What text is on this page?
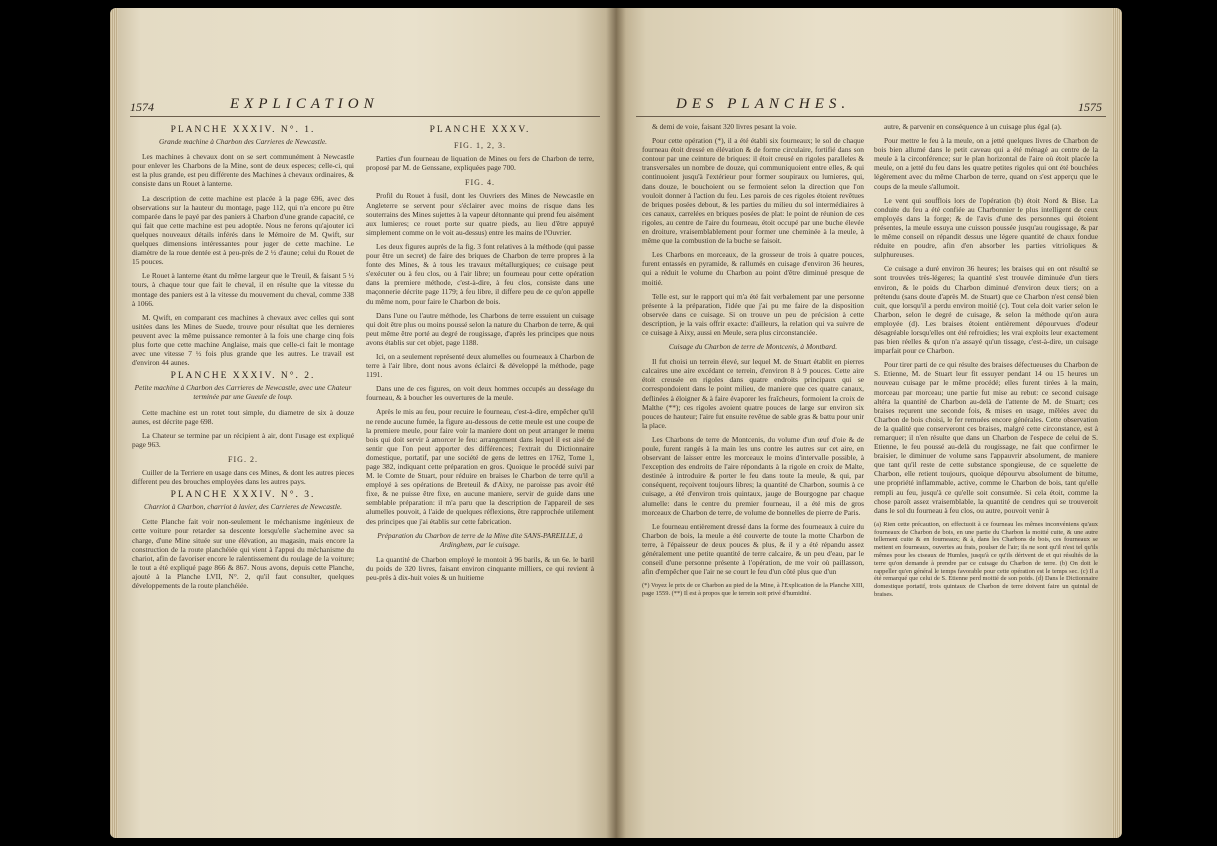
1574	EXPLICATION
PLANCHE XXXIV. N°. 1.
Grande machine à Charbon des Carrieres de Newcastle.

Les machines à chevaux dont on se sert communément à Newcastle pour enlever les Charbons de la Mine, sont de deux especes; celle-ci, qui est la plus grande, est peu différente des Machines à chevaux ordinaires, & consiste dans un Rouet à lanterne.

La description de cette machine est placée à la page 696, avec des observations sur la hauteur du montage, page 112, qui n'a encore pu être comparée dans le payé par des paniers à Charbon d'une grande capacité, ce qui fait que cette machine est peu adoptée. Nous ne ferons qu'ajouter ici quelques nouveaux détails inférés dans le Mémoire de M. Qwift, sur quelques dimensions intéressantes pour juger de cette machine. Le diamètre de la roue dentée est à peu-près de 2 ½ d'aune; celui du Rouet de 15 pouces.

Le Rouet à lanterne étant du même largeur que le Treuil, & faisant 5 ½ tours, à chaque tour que fait le cheval, il en résulte que la vitesse du montage des paniers est à la vitesse du mouvement du cheval, comme 338 à 1066.

M. Qwift, en comparant ces machines à chevaux avec celles qui sont usitées dans les Mines de Suede, trouve pour résultat que les dernieres peuvent avec la même puissance remonter à la fois une charge cinq fois plus forte que cette machine Anglaise, mais que celle-ci fait le montage avec une vitesse 7 ½ fois plus grande que les autres. Le travail est d'environ 44 aunes.

PLANCHE XXXIV. N°. 2.
Petite machine à Charbon des Carrieres de Newcastle, avec une Chateur terminée par une Gueule de loup.

Cette machine est un rotet tout simple, du diametre de six à douze aunes, est décrite page 698.

La Chateur se termine par un récipient à air, dont l'usage est expliqué page 963.

FIG. 2.

Cuiller de la Terriere en usage dans ces Mines, & dont les autres pieces different peu des brouches employées dans les autres pays.

PLANCHE XXXIV. N°. 3.
Charriot à Charbon, charriot à lavier, des Carrieres de Newcastle.

Cette Planche fait voir non-seulement le méchanisme ingénieux de cette voiture pour retarder sa descente lorsqu'elle s'achemine avec sa charge, d'une Mine située sur une élévation, au magasin, mais encore la construction de la route planchéiée qui vient à l'appui du méchanisme du chariot, afin de favoriser encore le ralentissement du roulage de la voiture; le tout a été expliqué page 866 & 867. Nous avons, depuis cette Planche, ajouté à la Planche LVII, N°. 2, qu'il faut consulter, quelques développements de la route planchéiée.

PLANCHE XXXV.
FIG. 1, 2, 3.

Parties d'un fourneau de liquation de Mines ou fers de Charbon de terre, proposé par M. de Genssane, expliquées page 700.

FIG. 4.

Profil du Rouet à fusil, dont les Ouvriers des Mines de Newcastle en Angleterre se servent pour s'éclairer avec moins de risque dans les souterrains des Mines sujettes à la vapeur détonnante qui prend feu aisément aux lumieres; ce rouet porte sur quatre pieds, au lieu d'être appuyé simplement comme on le voit au-dessus) entre les mains de l'Ouvrier.

Les deux figures auprès de la fig. 3 font relatives à la méthode (qui passe pour être un secret) de faire des briques de Charbon de terre propres à la fonte des Mines, & à tous les travaux métallurgiques; ce cuisage peut s'exécuter ou à feu clos, ou à l'air libre; un fourneau pour cette opération dans la premiere méthode, c'est-à-dire, à feu clos, consiste dans une maçonnerie décrite page 1179; à feu libre, il differe peu de ce qu'on appelle du même nom, pour faire le Charbon de bois.

Dans l'une ou l'autre méthode, les Charbons de terre essuient un cuisage qui doit être plus ou moins poussé selon la nature du Charbon de terre, & qui peut même être porté au degré de rougissage, d'après les principes que nous avons établis sur cet objet, page 1188.

Ici, on a seulement représenté deux alumelles ou fourneaux à Charbon de terre à l'air libre, dont nous avons éclairci & développé la méthode, page 1191.

Dans une de ces figures, on voit deux hommes occupés au desséage du fourneau, & à boucher les ouvertures de la meule.

Après le mis au feu, pour recuire le fourneau, c'est-à-dire, empêcher qu'il ne rende aucune fumée, la figure au-dessous de cette meule est une coupe de la premiere meule, pour faire voir la maniere dont on peut arranger le menu bois qui doit servir à amorcer le feu: arrangement dans lequel il est aisé de sentir que l'on peut apporter des différences; l'extrait du Dictionnaire domestique, portatif, par une société de gens de lettres en 1762, Tome 1, page 382, indiquant cette préparation en gros. Quoique le procédé suivi par M. le Comte de Stuart, pour réduire en braises le Charbon de terre qu'il a employé à ses opérations de Breteuil & d'Aixy, ne paroisse pas avoir été fixe, & ne puisse être fixe, en aucune maniere, servir de guide dans une semblable préparation: il m'a paru que la description de l'appareil de ses alumelles pouvoit, à l'aide de quelques réflexions, être rapprochée utilement des principes que j'ai établis sur cette fabrication.

Préparation du Charbon de terre de la Mine dite SANS-PAREILLE, à Ardinghem, par le cuisage.

La quantité de Charbon employé le montoit à 96 barils, & un 6e. le baril du poids de 320 livres, faisant environ cinquante milliers, ce qui revient à peu-près à dix-huit voies & un huitieme

DES PLANCHES.	1575

& demi de voie, faisant 320 livres pesant la voie.

Pour cette opération (*), il a été établi six fourneaux; le sol de chaque fourneau étoit dressé en élévation & de forme circulaire, fortifié dans son contour par une ceinture de briques: il étoit creusé en rigoles paralleles & transversales un nombre de douze, qui communiquoient entre elles, & qui continuoient jusqu'à l'extérieur pour former soupiraux ou lumieres, qui, dans douze, le bouchoient ou se fermoient selon la direction que l'on vouloit donner à l'action du feu. Les parois de ces rigoles étoient revêtues de briques posées debout, & les parties du milieu du sol intermédiaires à ces canaux, carrelées en briques posées de plat: le point de réunion de ces rigoles, au centre de l'aire du fourneau, étoit occupé par une buche élevée en droiture, vraisemblablement pour former une cheminée à la meule, à même que la combustion de la buche se faisoit.

Les Charbons en morceaux, de la grosseur de trois à quatre pouces, furent entassés en pyramide, & rallumés en cuisage d'environ 36 heures, qui a réduit le volume du Charbon au point d'être diminué presque de moitié.

Telle est, sur le rapport qui m'a été fait verbalement par une personne présente à la préparation, l'idée que j'ai pu me faire de la disposition observée dans ce cuisage. Si on trouve un peu de précision à cette description, je la vais offrir exacte: d'ailleurs, la relation qui va suivre de ce cuisage à Aixy, aussi en Meule, sera plus circonstanciée.

Cuisage du Charbon de terre de Montcenis, à Montbard.

Il fut choisi un terrein élevé, sur lequel M. de Stuart établit en pierres calcaires une aire excédant ce terrein, d'environ 8 à 9 pouces. Cette aire étoit creusée en rigoles dans quatre endroits principaux qui se correspondoient dans le point milieu, de maniere que ces quatre canaux, deflinées à éloigner & à faire évaporer les fraîcheurs, formoient la croix de Malthe (**); ces rigoles avoient quatre pouces de large sur environ six pouces de hauteur; l'aire fut ensuite revêtue de sable gras & battu pour unir la place.

Les Charbons de terre de Montcenis, du volume d'un œuf d'oie & de poule, furent rangés à la main les uns contre les autres sur cet aire, en observant de laisser entre les morceaux le moins d'intervalle possible, à l'exception des endroits de l'aire répondants à la rigole en croix de Malte, destinée à introduire & porter le feu dans toute la meule, & qui, par conséquent, reçoivent toujours libres; la quantité de Charbon, soumis à ce cuisage, a été d'environ trois quintaux, jauge de Bourgogne par chaque alumelle: dans le centre du premier fourneau, il a été mis de gros morceaux de Charbon de terre, de volume de bonnelles de pierre de Paris.

Le fourneau entièrement dressé dans la forme des fourneaux à cuire du Charbon de bois, la meule a été couverte de toute la motte Charbon de terre, à l'épaisseur de deux pouces & plus, & il y a été répandu assez généralement une petite quantité de terre calcaire, & un peu d'eau, par le conseil d'une personne présente à l'opération, de me voir où paillasson, afin d'empêcher que l'air ne se court le feu d'un côté plus que d'un

(*) Voyez le prix de ce Charbon au pied de la Mine, à l'Explication de la Planche XIII, page 1559. (**) Il est à propos que le terrein soit privé d'humidité.

autre, & parvenir en conséquence à un cuisage plus égal (a).

Pour mettre le feu à la meule, on a jetté quelques livres de Charbon de bois bien allumé dans le petit caveau qui a été ménagé au centre de la meule à la circonférence; sur le plan horizontal de l'aire où étoit placée la meule, on a jetté du feu dans les quatre petites rigoles qui ont été bouchées légèrement avec du même Charbon de terre, quand on s'est apperçu que le coups de la meule s'allumoit.

Le vent qui soufflois lors de l'opération (b) étoit Nord & Bise. La conduite du feu a été confiée au Charbonnier le plus intelligent de ceux employés dans la forge; & de l'avis d'une des personnes qui étoient présentes, la meule essuya une cuisson poussée jusqu'au rougissage, & par le même conseil on répandit dessus une légere quantité de chaux fondue réduite en poudre, afin d'en absorber les parties vitrioliques & sulphureuses.

Ce cuisage a duré environ 36 heures; les braises qui en ont résulté se sont trouvées très-légeres; la quantité s'est trouvée diminuée d'un tiers environ, & le poids du Charbon diminué d'environ deux tiers; on a prétendu (sans doute d'après M. de Stuart) que ce Charbon n'est censé bien cuit, que lorsqu'il a perdu environ moitié (c). Tout cela doit varier selon le Charbon, selon le degré de cuisage, & selon la méthode qu'on aura employée (d). Les braises étoient entièrement dépourvues d'odeur désagréable lorsqu'elles ont été refroidies; les vrai exploits leur exactement pas bien réelles & qu'on n'a assayé qu'un tissage, c'est-à-dire, un cuisage imparfait pour ce Charbon.

Pour tirer parti de ce qui résulte des braises défectueuses du Charbon de S. Etienne, M. de Stuart leur fit essuyer pendant 14 ou 15 heures un nouveau cuisage par le même procédé; elles furent tirées à la main, morceau par morceau; une partie fut mise au rebut: ce second cuisage altéra la quantité de Charbon au-delà de l'attente de M. de Stuart; ces braises reçurent une seconde fois, & mises en usage, mêlées avec du Charbon de bois choisi, le fer remuées encore générales. Cette observation de la qualité que conserveront ces braises, malgré cette circonstance, est à remarquer; il n'en résulte que dans un Charbon de l'espece de celui de S. Etienne, le feu poussé au-delà du rougissage, ne fait que confirmer le braisier, le diminuer de volume sans l'appauvrir absolument, de maniere que tant qu'il reste de cette substance spongieuse, de ce squelette de Charbon, elle retient toujours, quoique dépourvu absolument de bitume, une propriété inflammable, active, comme le Charbon de bois, tant qu'elle rempli au feu, jusqu'à ce qu'elle soit consumée. Si cela étoit, comme la chose paroît assez vraisemblable, la quantité de cendres qui se trouveroit dans le sol du fourneau à feu clos, ou autre, pouvoit venir à

(a) Rien cette précaution, on effectuoit à ce fourneau les mêmes inconvéniens qu'aux fourneaux de Charbon de bois, en une partie du Charbon la moitié cuite, & une autre tellement cuite & en fourneaux; & à, dans les Charbons de bois, ces fourneaux se mettent en fourneaux, ouvertes au frais, poulser de l'air; ils ne sont qu'il n'est tel qu'ils mêmes pour les ciseaux de Humles, jusqu'à ce qu'ils dérivent de et qui résultés de la terre qu'on demande à prendre par ce cuisage du Charbon de terre. (b) On doit le rappeller qu'en général le temps favorable pour cette opération est le temps sec. (c) Il a été remarqué que celui de S. Etienne perd moitié de son poids. (d) Dans le Dictionnaire domestique portatif, trois quintaux de Charbon de terre doivent faire un quintal de braises.
